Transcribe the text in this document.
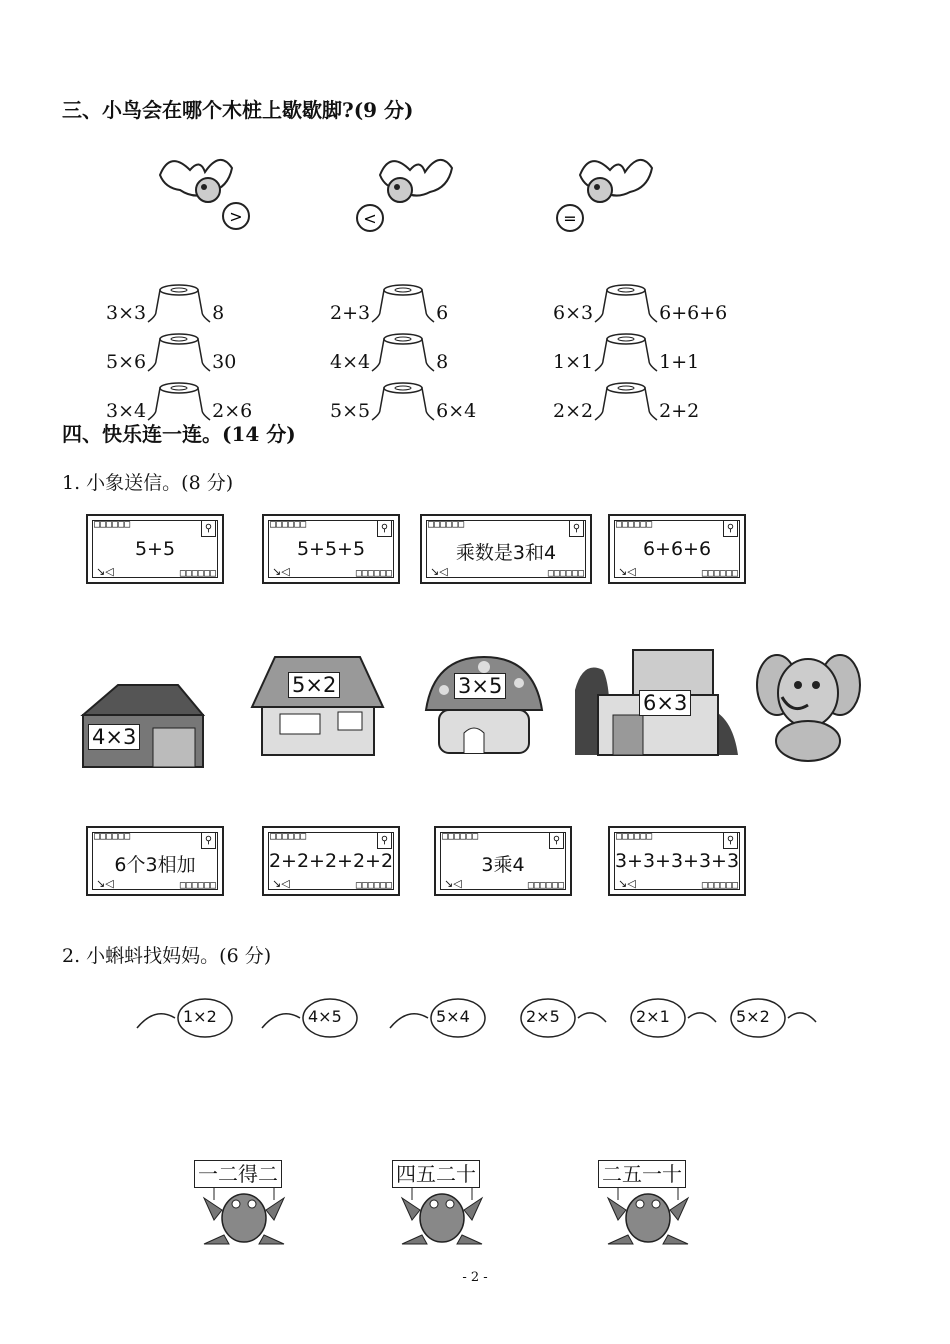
三、小鸟会在哪个木桩上歇歇脚?(9 分)
>	<	=
3×3	8
5×6	30
3×4	2×6
2+3	6
4×4	8
5×5	6×4
6×3	6+6+6
1×1	1+1
2×2	2+2
四、快乐连一连。(14 分)
1. 小象送信。(8 分)
□□□□□□	⚲
5+5
↘◁	□□□□□□
□□□□□□	⚲
5+5+5
↘◁	□□□□□□
□□□□□□	⚲
乘数是3和4
↘◁	□□□□□□
□□□□□□	⚲
6+6+6
↘◁	□□□□□□
4×3
5×2	3×5
6×3
□□□□□□	⚲
6个3相加
↘◁	□□□□□□
□□□□□□	⚲
2+2+2+2+2
↘◁	□□□□□□
□□□□□□	⚲
3乘4
↘◁	□□□□□□
□□□□□□	⚲
3+3+3+3+3
↘◁	□□□□□□
2. 小蝌蚪找妈妈。(6 分)
1×2	4×5	5×4	2×5	2×1	5×2
一二得二	四五二十	二五一十
- 2 -
